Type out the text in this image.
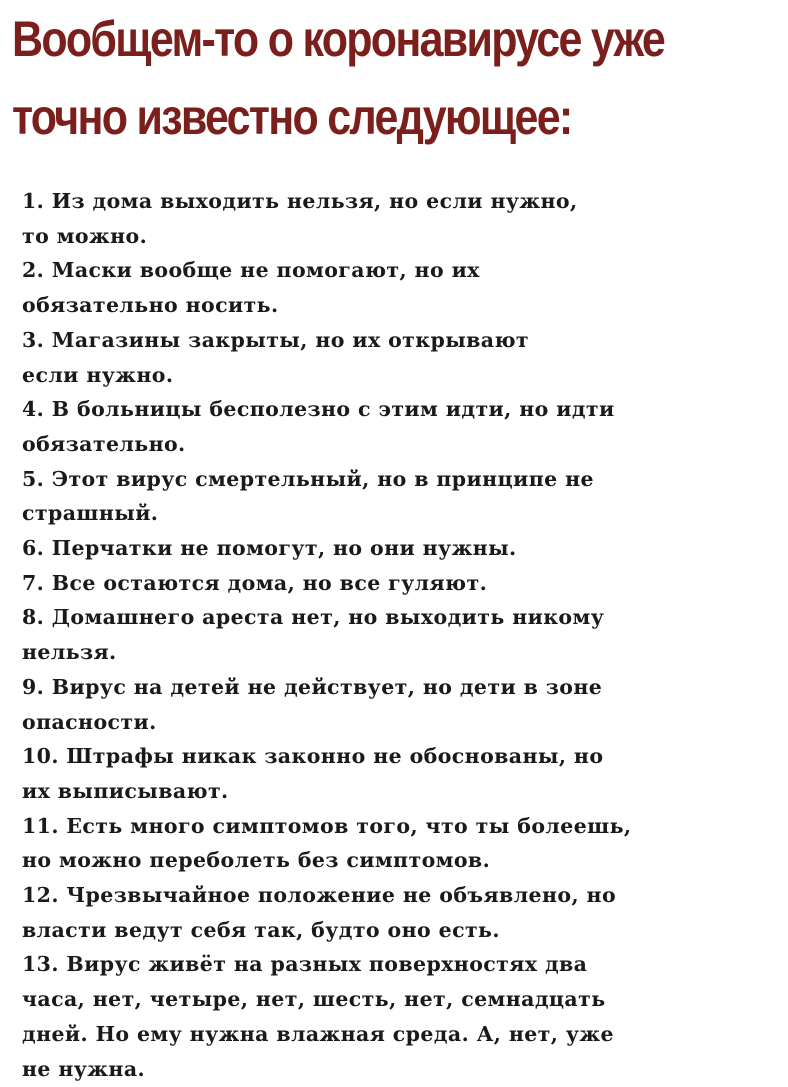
Вообщем-то о коронавирусе уже
точно известно следующее:
1. Из дома выходить нельзя, но если нужно,
то можно.
2. Маски вообще не помогают, но их
обязательно носить.
3. Магазины закрыты, но их открывают
если нужно.
4. В больницы бесполезно с этим идти, но идти
обязательно.
5. Этот вирус смертельный, но в принципе не
страшный.
6. Перчатки не помогут, но они нужны.
7. Все остаются дома, но все гуляют.
8. Домашнего ареста нет, но выходить никому
нельзя.
9. Вирус на детей не действует, но дети в зоне
опасности.
10. Штрафы никак законно не обоснованы, но
их выписывают.
11. Есть много симптомов того, что ты болеешь,
но можно переболеть без симптомов.
12. Чрезвычайное положение не объявлено, но
власти ведут себя так, будто оно есть.
13. Вирус живёт на разных поверхностях два
часа, нет, четыре, нет, шесть, нет, семнадцать
дней. Но ему нужна влажная среда. А, нет, уже
не нужна.
